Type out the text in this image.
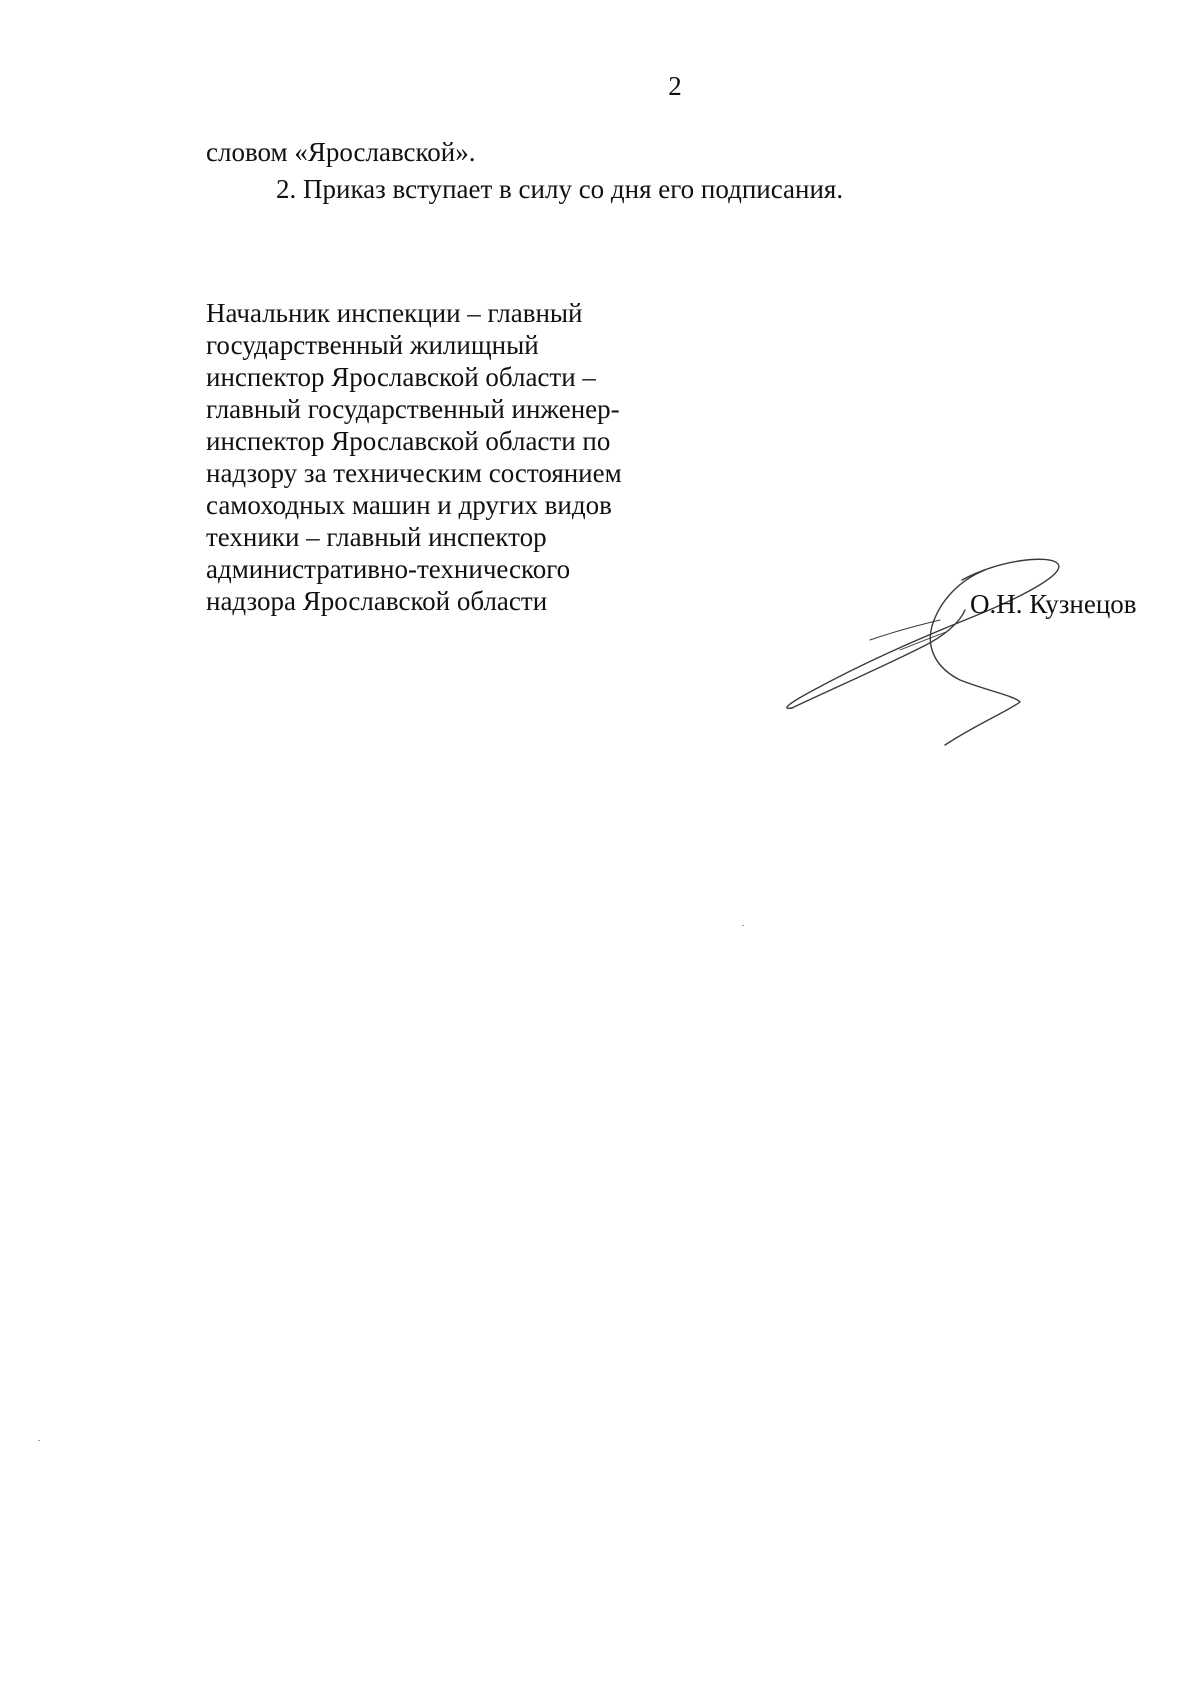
2

словом «Ярославской».

2. Приказ вступает в силу со дня его подписания.

Начальник инспекции – главный
государственный жилищный
инспектор Ярославской области –
главный государственный инженер-
инспектор Ярославской области по
надзору за техническим состоянием
самоходных машин и других видов
техники – главный инспектор
административно-технического
надзора Ярославской области	О.Н. Кузнецов
